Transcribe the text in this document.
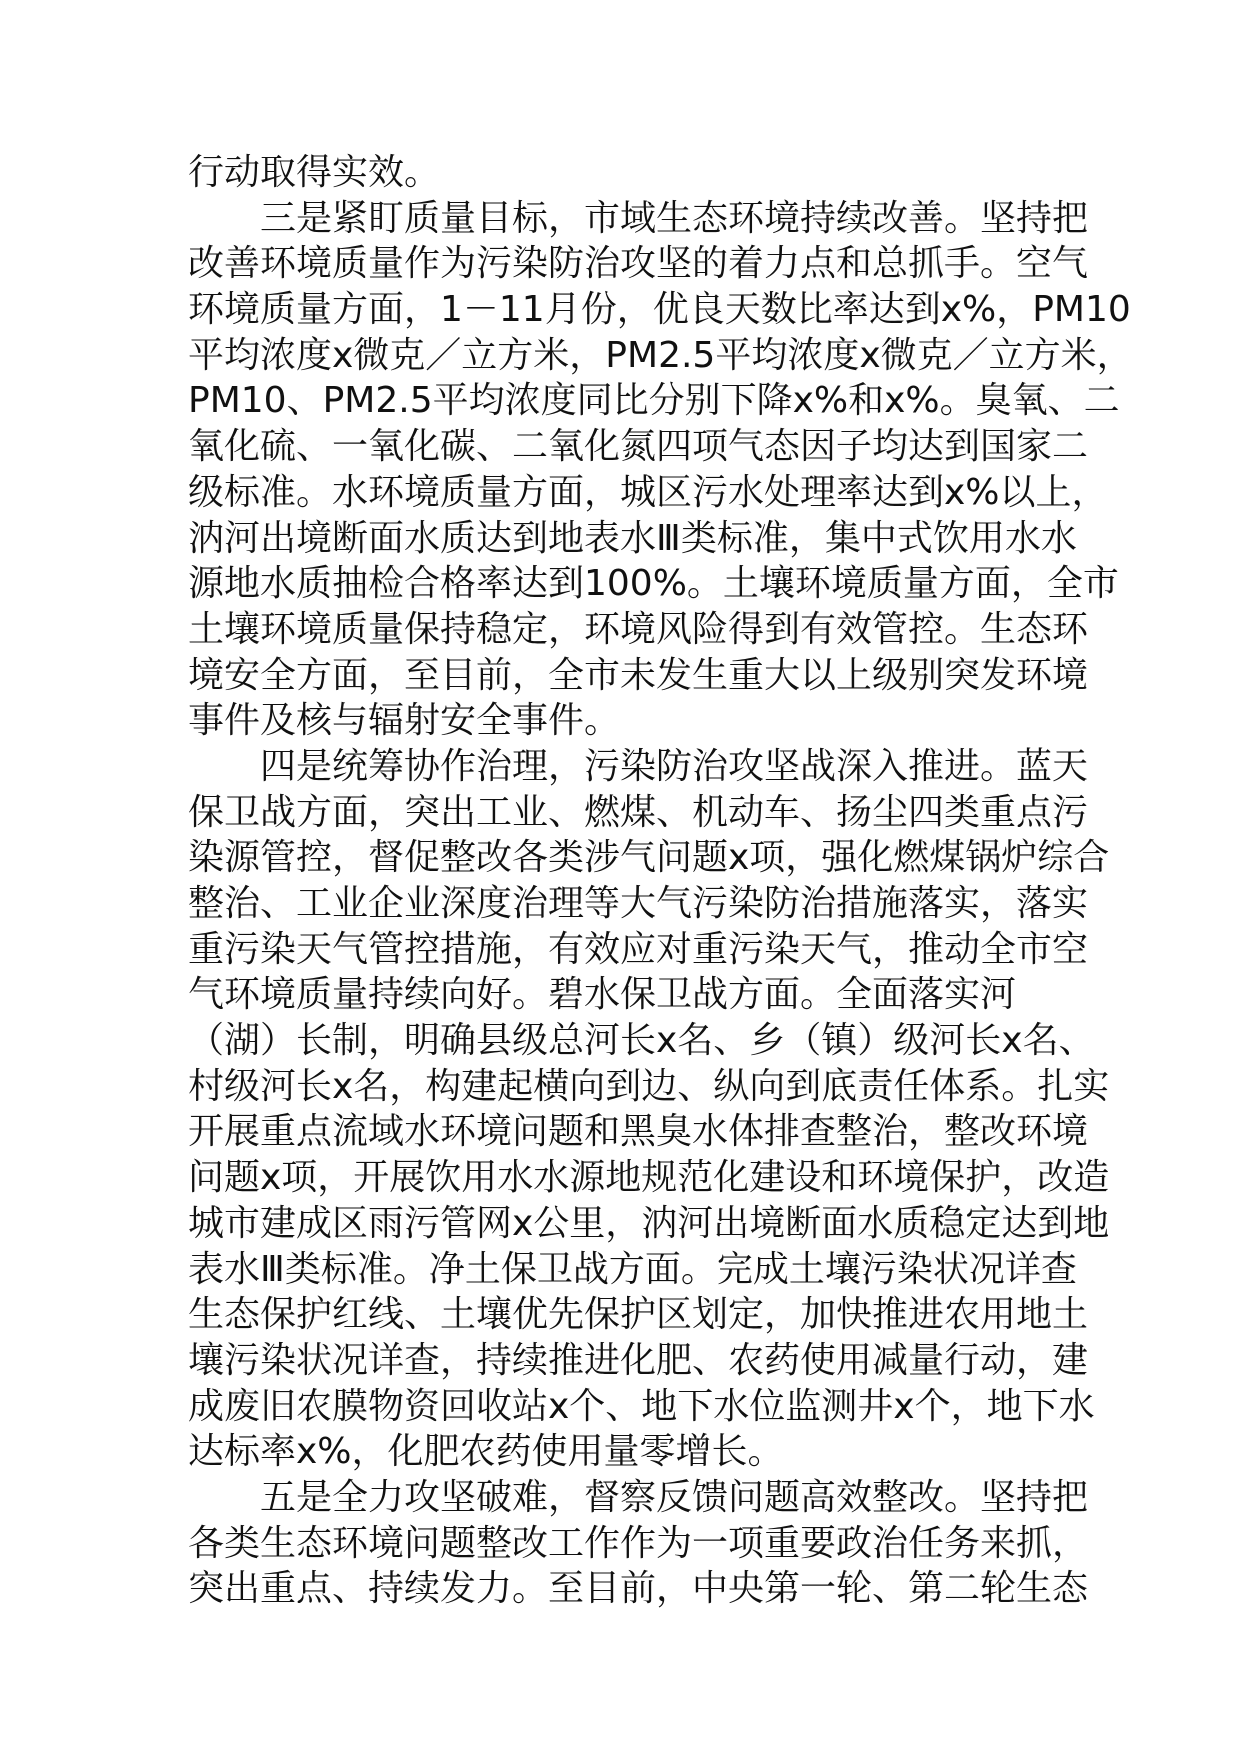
行动取得实效。
三是紧盯质量目标，市域生态环境持续改善。坚持把
改善环境质量作为污染防治攻坚的着力点和总抓手。空气
环境质量方面，1－11月份，优良天数比率达到x%，PM10
平均浓度x微克／立方米，PM2.5平均浓度x微克／立方米，
PM10、PM2.5平均浓度同比分别下降x%和x%。臭氧、二
氧化硫、一氧化碳、二氧化氮四项气态因子均达到国家二
级标准。水环境质量方面，城区污水处理率达到x%以上，
汭河出境断面水质达到地表水Ⅲ类标准，集中式饮用水水
源地水质抽检合格率达到100%。土壤环境质量方面，全市
土壤环境质量保持稳定，环境风险得到有效管控。生态环
境安全方面，至目前，全市未发生重大以上级别突发环境
事件及核与辐射安全事件。
四是统筹协作治理，污染防治攻坚战深入推进。蓝天
保卫战方面，突出工业、燃煤、机动车、扬尘四类重点污
染源管控，督促整改各类涉气问题x项，强化燃煤锅炉综合
整治、工业企业深度治理等大气污染防治措施落实，落实
重污染天气管控措施，有效应对重污染天气，推动全市空
气环境质量持续向好。碧水保卫战方面。全面落实河
（湖）长制，明确县级总河长x名、乡（镇）级河长x名、
村级河长x名，构建起横向到边、纵向到底责任体系。扎实
开展重点流域水环境问题和黑臭水体排查整治，整改环境
问题x项，开展饮用水水源地规范化建设和环境保护，改造
城市建成区雨污管网x公里，汭河出境断面水质稳定达到地
表水Ⅲ类标准。净土保卫战方面。完成土壤污染状况详查
生态保护红线、土壤优先保护区划定，加快推进农用地土
壤污染状况详查，持续推进化肥、农药使用减量行动，建
成废旧农膜物资回收站x个、地下水位监测井x个，地下水
达标率x%，化肥农药使用量零增长。
五是全力攻坚破难，督察反馈问题高效整改。坚持把
各类生态环境问题整改工作作为一项重要政治任务来抓，
突出重点、持续发力。至目前，中央第一轮、第二轮生态
